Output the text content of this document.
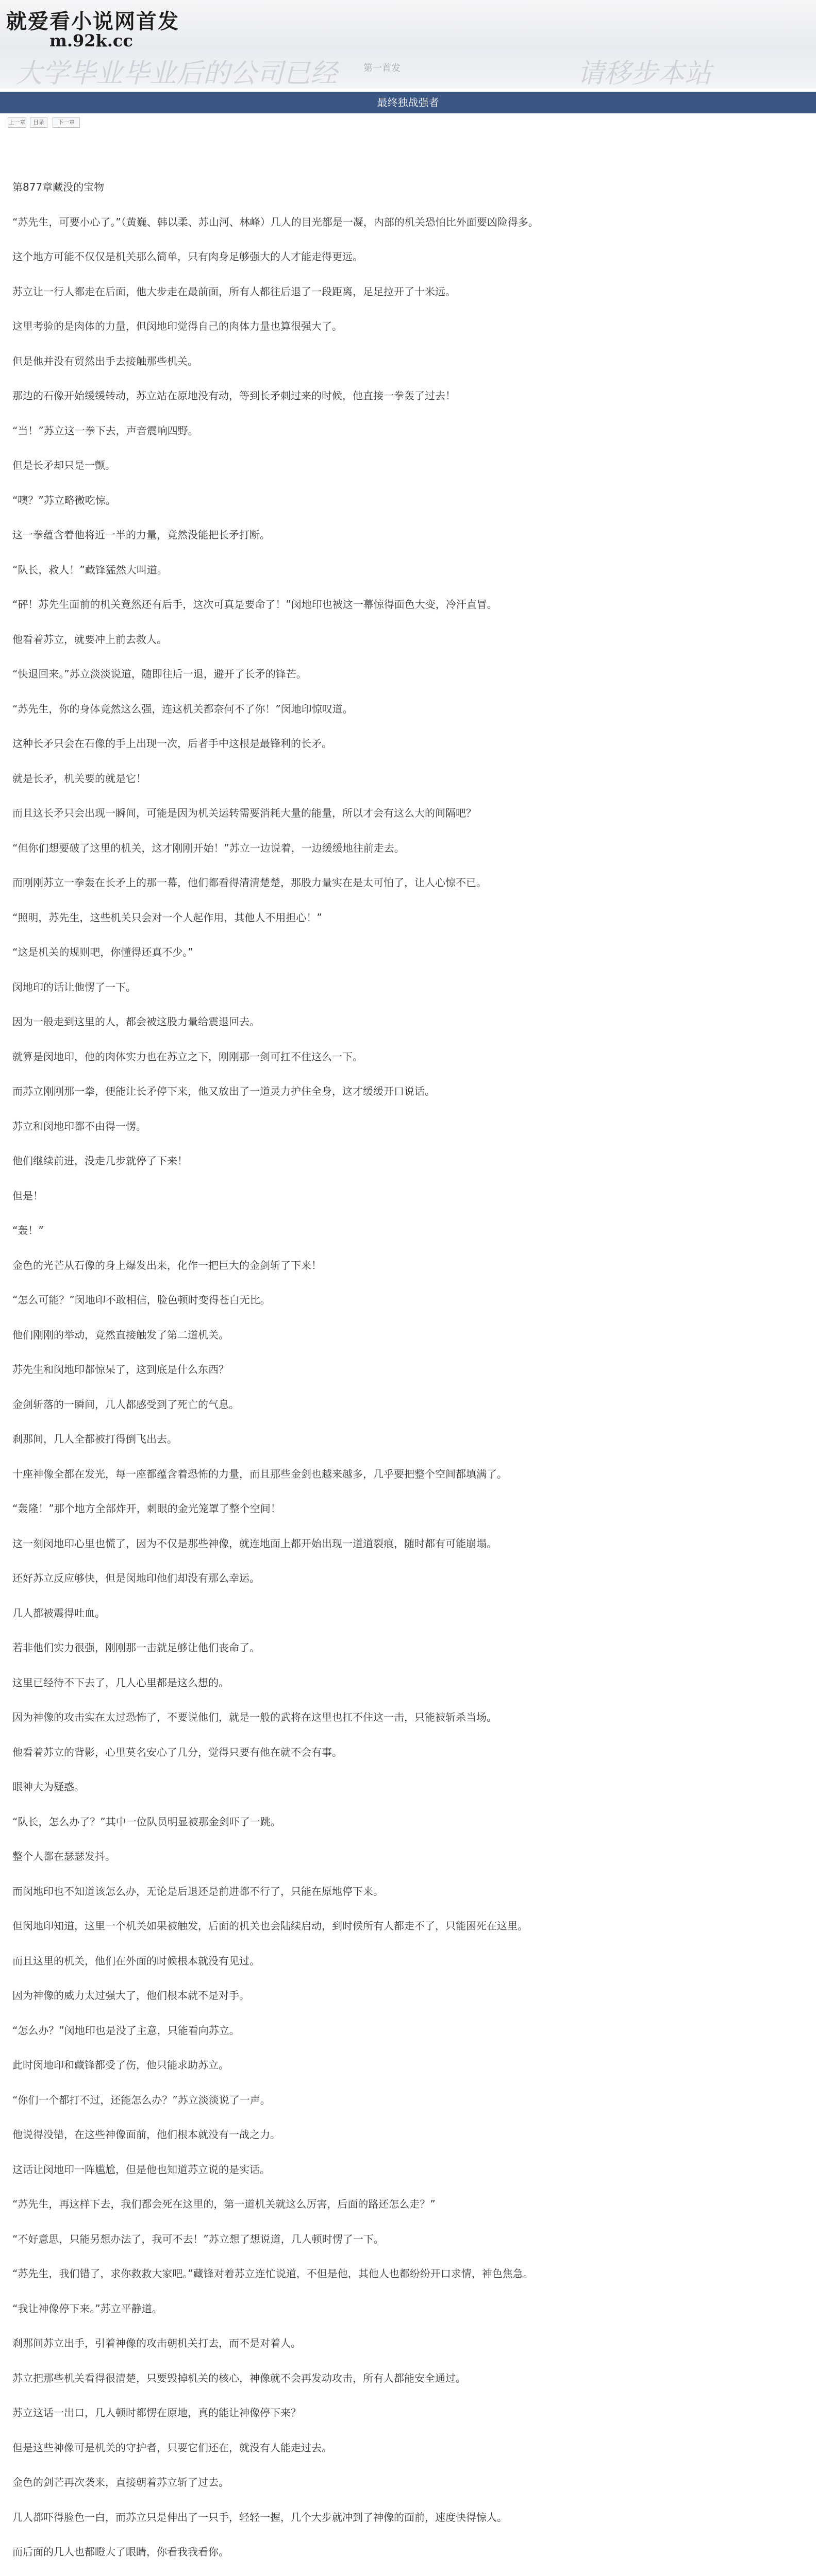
就爱看小说网首发
m.92k.cc
大学毕业毕业后的公司已经	第一首发	请移步本站
最终独战强者
上一章	目录	下一章

第877章藏没的宝物

“苏先生，可要小心了。”（黄巍、韩以柔、苏山河、林峰）几人的目光都是一凝，内部的机关恐怕比外面要凶险得多。

这个地方可能不仅仅是机关那么简单，只有肉身足够强大的人才能走得更远。

苏立让一行人都走在后面，他大步走在最前面，所有人都往后退了一段距离，足足拉开了十米远。

这里考验的是肉体的力量，但闵地印觉得自己的肉体力量也算很强大了。

但是他并没有贸然出手去接触那些机关。

那边的石像开始缓缓转动，苏立站在原地没有动，等到长矛刺过来的时候，他直接一拳轰了过去！

“当！”苏立这一拳下去，声音震响四野。

但是长矛却只是一颤。

“噢？”苏立略微吃惊。

这一拳蕴含着他将近一半的力量，竟然没能把长矛打断。

“队长，救人！”藏锋猛然大叫道。

“砰！苏先生面前的机关竟然还有后手，这次可真是要命了！”闵地印也被这一幕惊得面色大变，冷汗直冒。

他看着苏立，就要冲上前去救人。

“快退回来。”苏立淡淡说道，随即往后一退，避开了长矛的锋芒。

“苏先生，你的身体竟然这么强，连这机关都奈何不了你！”闵地印惊叹道。

这种长矛只会在石像的手上出现一次，后者手中这根是最锋利的长矛。

就是长矛，机关要的就是它！

而且这长矛只会出现一瞬间，可能是因为机关运转需要消耗大量的能量，所以才会有这么大的间隔吧？

“但你们想要破了这里的机关，这才刚刚开始！”苏立一边说着，一边缓缓地往前走去。

而刚刚苏立一拳轰在长矛上的那一幕，他们都看得清清楚楚，那股力量实在是太可怕了，让人心惊不已。

“照明，苏先生，这些机关只会对一个人起作用，其他人不用担心！”

“这是机关的规则吧，你懂得还真不少。”

闵地印的话让他愣了一下。

因为一般走到这里的人，都会被这股力量给震退回去。

就算是闵地印，他的肉体实力也在苏立之下，刚刚那一剑可扛不住这么一下。

而苏立刚刚那一拳，便能让长矛停下来，他又放出了一道灵力护住全身，这才缓缓开口说话。

苏立和闵地印都不由得一愣。

他们继续前进，没走几步就停了下来！

但是！

“轰！”

金色的光芒从石像的身上爆发出来，化作一把巨大的金剑斩了下来！

“怎么可能？”闵地印不敢相信，脸色顿时变得苍白无比。

他们刚刚的举动，竟然直接触发了第二道机关。

苏先生和闵地印都惊呆了，这到底是什么东西？

金剑斩落的一瞬间，几人都感受到了死亡的气息。

刹那间，几人全都被打得倒飞出去。

十座神像全都在发光，每一座都蕴含着恐怖的力量，而且那些金剑也越来越多，几乎要把整个空间都填满了。

“轰隆！”那个地方全部炸开，刺眼的金光笼罩了整个空间！

这一刻闵地印心里也慌了，因为不仅是那些神像，就连地面上都开始出现一道道裂痕，随时都有可能崩塌。

还好苏立反应够快，但是闵地印他们却没有那么幸运。

几人都被震得吐血。

若非他们实力很强，刚刚那一击就足够让他们丧命了。

这里已经待不下去了，几人心里都是这么想的。

因为神像的攻击实在太过恐怖了，不要说他们，就是一般的武将在这里也扛不住这一击，只能被斩杀当场。

他看着苏立的背影，心里莫名安心了几分，觉得只要有他在就不会有事。

眼神大为疑惑。

“队长，怎么办了？”其中一位队员明显被那金剑吓了一跳。

整个人都在瑟瑟发抖。

而闵地印也不知道该怎么办，无论是后退还是前进都不行了，只能在原地停下来。

但闵地印知道，这里一个机关如果被触发，后面的机关也会陆续启动，到时候所有人都走不了，只能困死在这里。

而且这里的机关，他们在外面的时候根本就没有见过。

因为神像的威力太过强大了，他们根本就不是对手。

“怎么办？”闵地印也是没了主意，只能看向苏立。

此时闵地印和藏锋都受了伤，他只能求助苏立。

“你们一个都打不过，还能怎么办？”苏立淡淡说了一声。

他说得没错，在这些神像面前，他们根本就没有一战之力。

这话让闵地印一阵尴尬，但是他也知道苏立说的是实话。

“苏先生，再这样下去，我们都会死在这里的，第一道机关就这么厉害，后面的路还怎么走？”

“不好意思，只能另想办法了，我可不去！”苏立想了想说道，几人顿时愣了一下。

“苏先生，我们错了，求你救救大家吧。”藏锋对着苏立连忙说道，不但是他，其他人也都纷纷开口求情，神色焦急。

“我让神像停下来。”苏立平静道。

刹那间苏立出手，引着神像的攻击朝机关打去，而不是对着人。

苏立把那些机关看得很清楚，只要毁掉机关的核心，神像就不会再发动攻击，所有人都能安全通过。

苏立这话一出口，几人顿时都愣在原地，真的能让神像停下来？

但是这些神像可是机关的守护者，只要它们还在，就没有人能走过去。

金色的剑芒再次袭来，直接朝着苏立斩了过去。

几人都吓得脸色一白，而苏立只是伸出了一只手，轻轻一握，几个大步就冲到了神像的面前，速度快得惊人。

而后面的几人也都瞪大了眼睛，你看我我看你。
